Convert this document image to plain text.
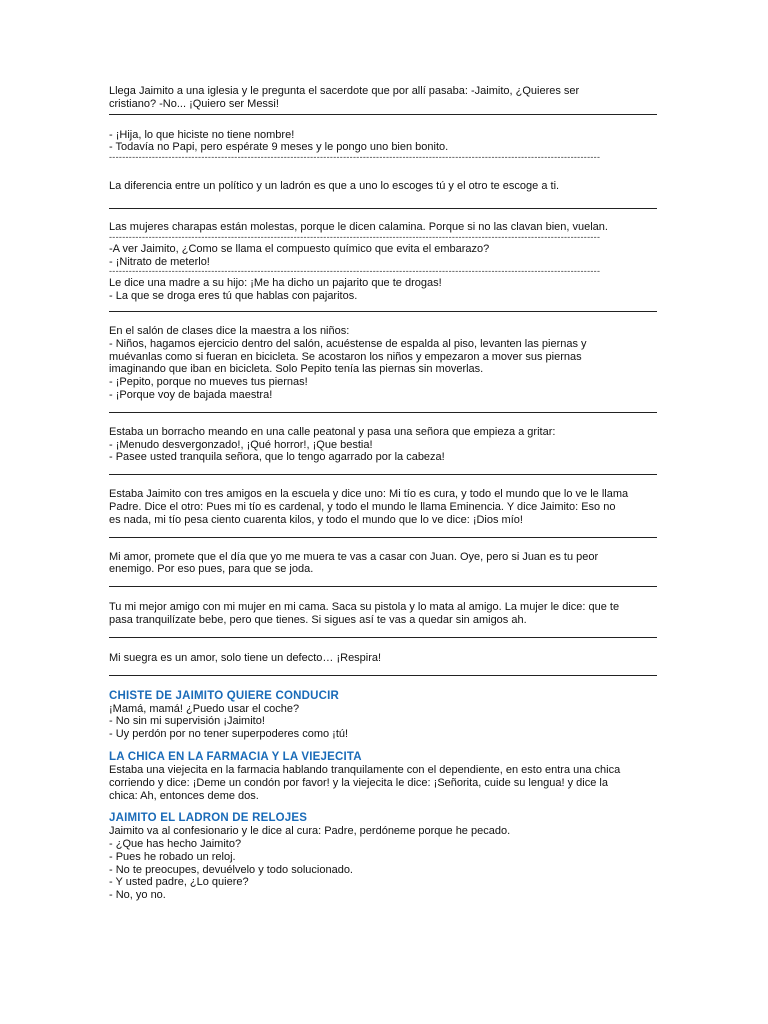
Llega Jaimito a una iglesia y le pregunta el sacerdote que por allí pasaba: -Jaimito, ¿Quieres ser
cristiano? -No... ¡Quiero ser Messi!

- ¡Hija, lo que hiciste no tiene nombre!
- Todavía no Papi, pero espérate 9 meses y le pongo uno bien bonito.

-----------------------------------------------------------------------------------------------------------------------------------------------------

La diferencia entre un político y un ladrón es que a uno lo escoges tú y el otro te escoge a ti.

Las mujeres charapas están molestas, porque le dicen calamina. Porque si no las clavan bien, vuelan.

-----------------------------------------------------------------------------------------------------------------------------------------------------

-A ver Jaimito, ¿Como se llama el compuesto químico que evita el embarazo?
- ¡Nitrato de meterlo!

-----------------------------------------------------------------------------------------------------------------------------------------------------

Le dice una madre a su hijo: ¡Me ha dicho un pajarito que te drogas!
- La que se droga eres tú que hablas con pajaritos.

En el salón de clases dice la maestra a los niños:
- Niños, hagamos ejercicio dentro del salón, acuéstense de espalda al piso, levanten las piernas y
muévanlas como si fueran en bicicleta. Se acostaron los niños y empezaron a mover sus piernas
imaginando que iban en bicicleta. Solo Pepito tenía las piernas sin moverlas.
- ¡Pepito, porque no mueves tus piernas!
- ¡Porque voy de bajada maestra!

Estaba un borracho meando en una calle peatonal y pasa una señora que empieza a gritar:
- ¡Menudo desvergonzado!, ¡Qué horror!, ¡Que bestia!
- Pasee usted tranquila señora, que lo tengo agarrado por la cabeza!

Estaba Jaimito con tres amigos en la escuela y dice uno: Mi tío es cura, y todo el mundo que lo ve le llama
Padre. Dice el otro: Pues mi tío es cardenal, y todo el mundo le llama Eminencia. Y dice Jaimito: Eso no
es nada, mi tío pesa ciento cuarenta kilos, y todo el mundo que lo ve dice: ¡Dios mío!

Mi amor, promete que el día que yo me muera te vas a casar con Juan. Oye, pero si Juan es tu peor
enemigo. Por eso pues, para que se joda.

Tu mi mejor amigo con mi mujer en mi cama. Saca su pistola y lo mata al amigo. La mujer le dice: que te
pasa tranquilízate bebe, pero que tienes. Si sigues así te vas a quedar sin amigos ah.

Mi suegra es un amor, solo tiene un defecto… ¡Respira!

CHISTE DE JAIMITO QUIERE CONDUCIR

¡Mamá, mamá! ¿Puedo usar el coche?
- No sin mi supervisión ¡Jaimito!
- Uy perdón por no tener superpoderes como ¡tú!

LA CHICA EN LA FARMACIA Y LA VIEJECITA

Estaba una viejecita en la farmacia hablando tranquilamente con el dependiente, en esto entra una chica
corriendo y dice: ¡Deme un condón por favor! y la viejecita le dice: ¡Señorita, cuide su lengua! y dice la
chica: Ah, entonces deme dos.

JAIMITO EL LADRON DE RELOJES

Jaimito va al confesionario y le dice al cura: Padre, perdóneme porque he pecado.
- ¿Que has hecho Jaimito?
- Pues he robado un reloj.
- No te preocupes, devuélvelo y todo solucionado.
- Y usted padre, ¿Lo quiere?
- No, yo no.
